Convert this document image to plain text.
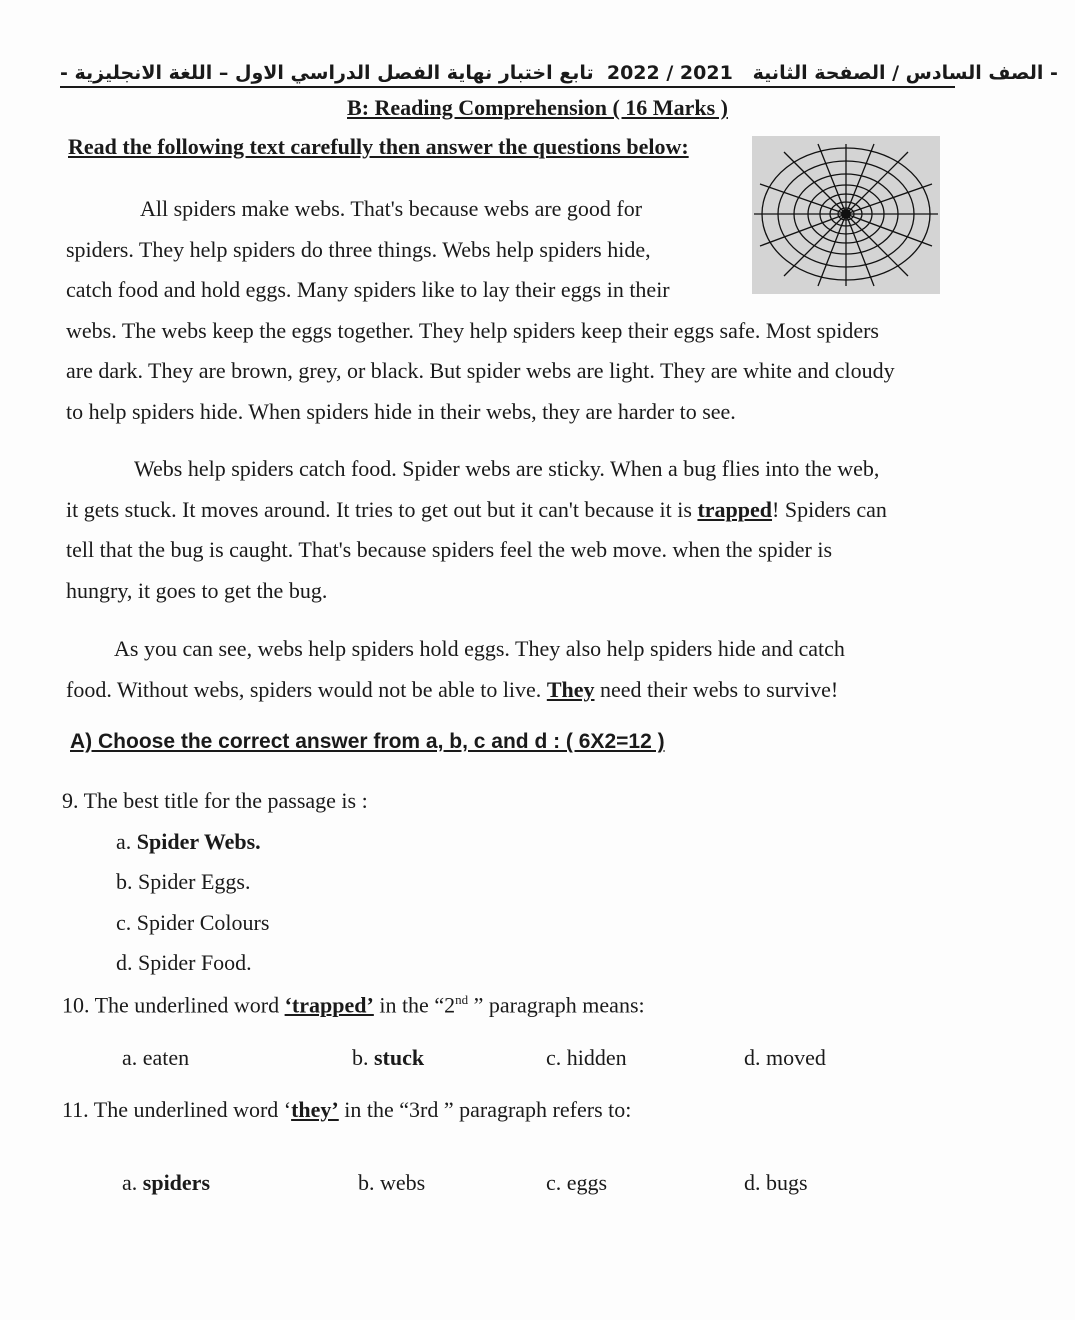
- الصف السادس / الصفحة الثانية   2022 / 2021  تابع اختبار نهاية الفصل الدراسي الاول – اللغة الانجليزية -
B: Reading Comprehension ( 16 Marks )
Read the following text carefully then answer the questions below:
All spiders make webs. That's because webs are good for
spiders. They help spiders do three things. Webs help spiders hide,
catch food and hold eggs. Many spiders like to lay their eggs in their
webs. The webs keep the eggs together. They help spiders keep their eggs safe. Most spiders
are dark. They are brown, grey, or black. But spider webs are light. They are white and cloudy
to help spiders hide. When spiders hide in their webs, they are harder to see.
Webs help spiders catch food. Spider webs are sticky. When a bug flies into the web,
it gets stuck. It moves around. It tries to get out but it can't because it is trapped! Spiders can
tell that the bug is caught. That's because spiders feel the web move. when the spider is
hungry, it goes to get the bug.
As you can see, webs help spiders hold eggs. They also help spiders hide and catch
food. Without webs, spiders would not be able to live. They need their webs to survive!
A) Choose the correct answer from a, b, c and d : ( 6X2=12 )
9. The best title for the passage is :
a. Spider Webs.
b. Spider Eggs.
c. Spider Colours
d. Spider Food.
10. The underlined word ‘trapped’ in the “2nd ” paragraph means:
a. eaten	b. stuck	c. hidden	d. moved
11. The underlined word ‘they’ in the “3rd ” paragraph refers to:
a. spiders	b. webs	c. eggs	d. bugs
